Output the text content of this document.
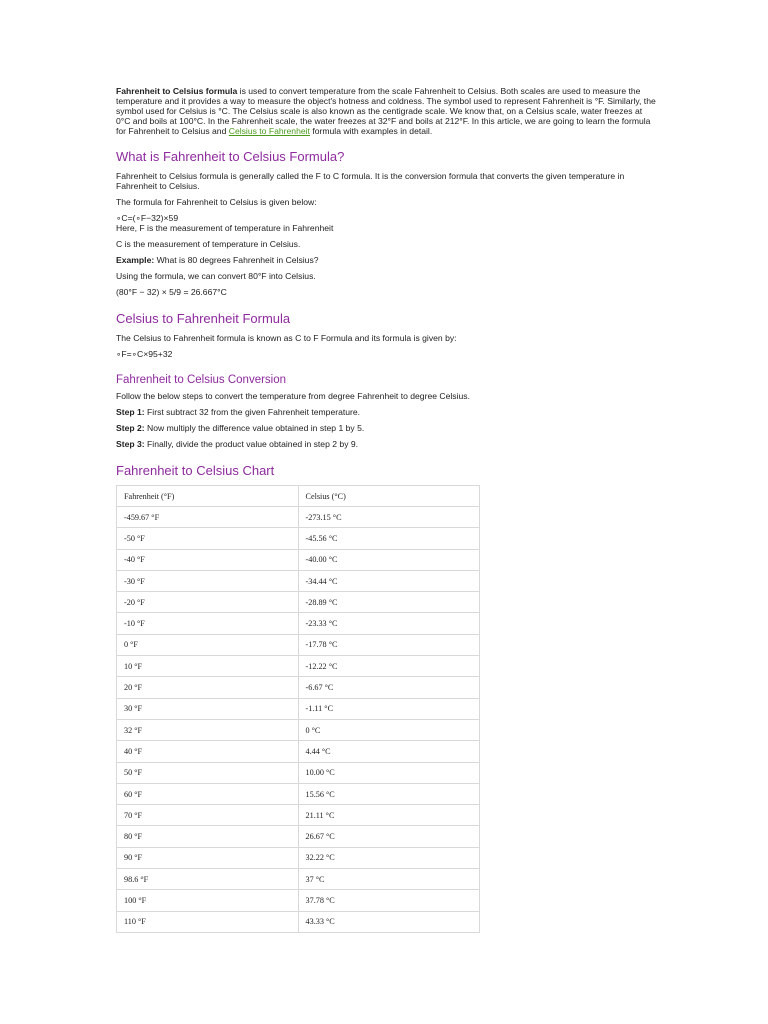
Fahrenheit to Celsius formula is used to convert temperature from the scale Fahrenheit to Celsius. Both scales are used to measure the temperature and it provides a way to measure the object's hotness and coldness. The symbol used to represent Fahrenheit is °F. Similarly, the symbol used for Celsius is °C. The Celsius scale is also known as the centigrade scale. We know that, on a Celsius scale, water freezes at 0°C and boils at 100°C. In the Fahrenheit scale, the water freezes at 32°F and boils at 212°F. In this article, we are going to learn the formula for Fahrenheit to Celsius and Celsius to Fahrenheit formula with examples in detail.

What is Fahrenheit to Celsius Formula?

Fahrenheit to Celsius formula is generally called the F to C formula. It is the conversion formula that converts the given temperature in Fahrenheit to Celsius.

The formula for Fahrenheit to Celsius is given below:

∘C=(∘F−32)×59

Here, F is the measurement of temperature in Fahrenheit

C is the measurement of temperature in Celsius.

Example: What is 80 degrees Fahrenheit in Celsius?

Using the formula, we can convert 80°F into Celsius.

(80°F − 32) × 5/9 = 26.667°C

Celsius to Fahrenheit Formula

The Celsius to Fahrenheit formula is known as C to F Formula and its formula is given by:

∘F=∘C×95+32

Fahrenheit to Celsius Conversion

Follow the below steps to convert the temperature from degree Fahrenheit to degree Celsius.

Step 1: First subtract 32 from the given Fahrenheit temperature.

Step 2: Now multiply the difference value obtained in step 1 by 5.

Step 3: Finally, divide the product value obtained in step 2 by 9.

Fahrenheit to Celsius Chart
Fahrenheit (°F)	Celsius (°C)
-459.67 °F	-273.15 °C
-50 °F	-45.56 °C
-40 °F	-40.00 °C
-30 °F	-34.44 °C
-20 °F	-28.89 °C
-10 °F	-23.33 °C
0 °F	-17.78 °C
10 °F	-12.22 °C
20 °F	-6.67 °C
30 °F	-1.11 °C
32 °F	0 °C
40 °F	4.44 °C
50 °F	10.00 °C
60 °F	15.56 °C
70 °F	21.11 °C
80 °F	26.67 °C
90 °F	32.22 °C
98.6 °F	37 °C
100 °F	37.78 °C
110 °F	43.33 °C
